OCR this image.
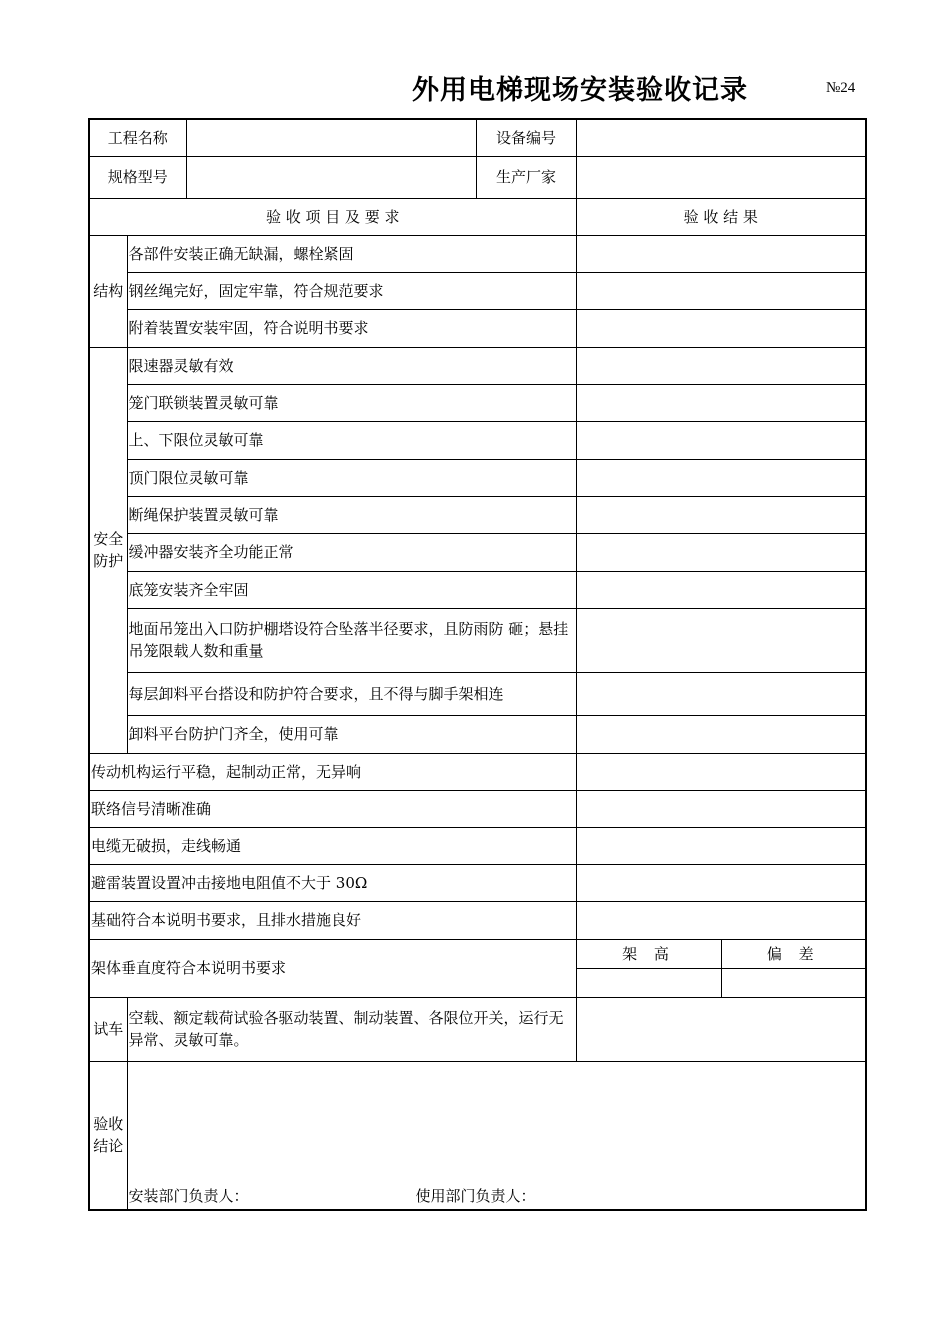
外用电梯现场安装验收记录	№24
工程名称			设备编号		
规格型号			生产厂家		
验 收 项 目 及 要 求				验 收 结 果	
结构	各部件安装正确无缺漏，螺栓紧固				
	钢丝绳完好，固定牢靠，符合规范要求				
	附着装置安装牢固，符合说明书要求				
安全防护	限速器灵敏有效				
	笼门联锁装置灵敏可靠				
	上、下限位灵敏可靠				
	顶门限位灵敏可靠				
	断绳保护装置灵敏可靠				
	缓冲器安装齐全功能正常				
	底笼安装齐全牢固				
	地面吊笼出入口防护棚塔设符合坠落半径要求，且防雨防 砸；悬挂吊笼限载人数和重量				
	每层卸料平台搭设和防护符合要求，且不得与脚手架相连				
	卸料平台防护门齐全，使用可靠				
传动机构运行平稳，起制动正常，无异响					
联络信号清晰准确					
电缆无破损，走线畅通					
避雷装置设置冲击接地电阻值不大于 30Ω					
基础符合本说明书要求，且排水措施良好					
架体垂直度符合本说明书要求				架 高	偏 差

试车	空载、额定载荷试验各驱动装置、制动装置、各限位开关，运行无异常、灵敏可靠。				
验收结论	安装部门负责人： 使用部门负责人：				
